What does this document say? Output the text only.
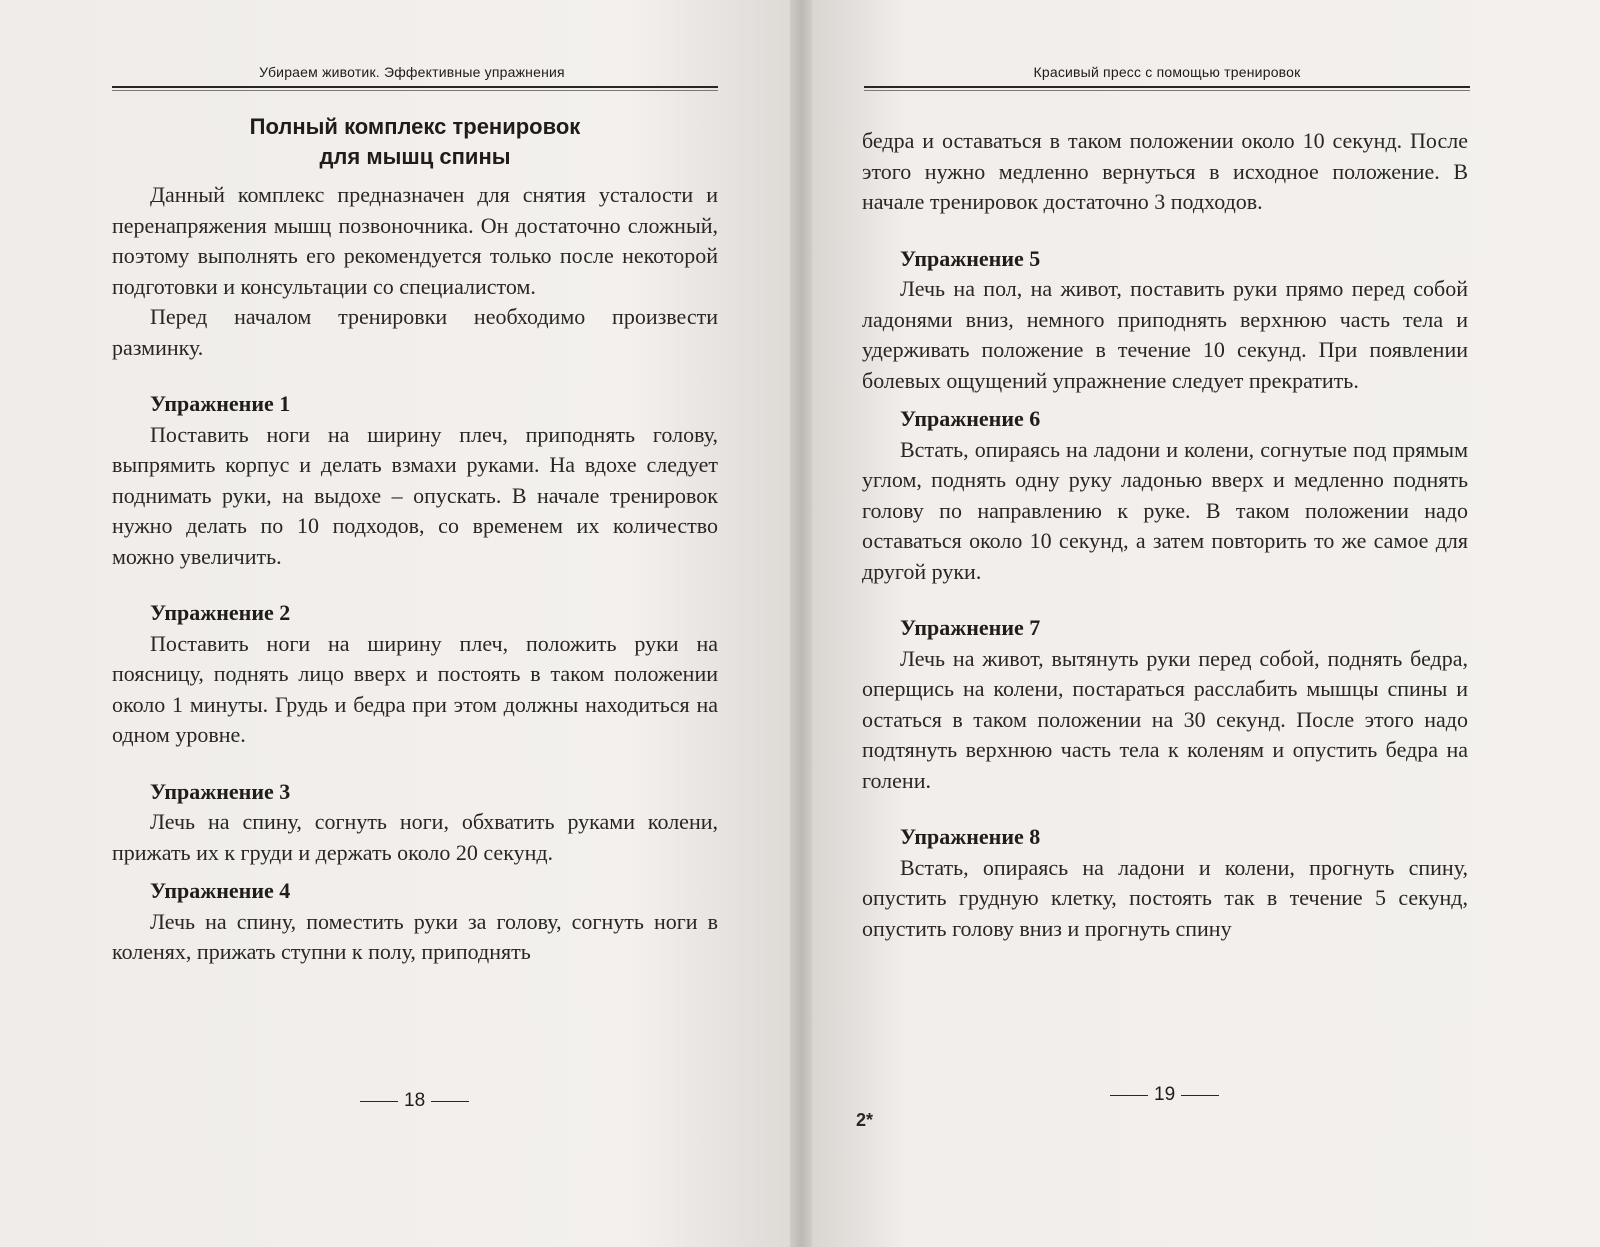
Убираем животик. Эффективные упражнения
Полный комплекс тренировок
для мышц спины

Данный комплекс предназначен для снятия усталости и перенапряжения мышц позвоночника. Он достаточно сложный, поэтому выполнять его рекомендуется только после некоторой подготовки и консультации со специалистом.

Перед началом тренировки необходимо произвести разминку.

Упражнение 1

Поставить ноги на ширину плеч, приподнять голову, выпрямить корпус и делать взмахи руками. На вдохе следует поднимать руки, на выдохе – опускать. В начале тренировок нужно делать по 10 подходов, со временем их количество можно увеличить.

Упражнение 2

Поставить ноги на ширину плеч, положить руки на поясницу, поднять лицо вверх и постоять в таком положении около 1 минуты. Грудь и бедра при этом должны находиться на одном уровне.

Упражнение 3

Лечь на спину, согнуть ноги, обхватить руками колени, прижать их к груди и держать около 20 секунд.

Упражнение 4

Лечь на спину, поместить руки за голову, согнуть ноги в коленях, прижать ступни к полу, приподнять

18
Красивый пресс с помощью тренировок

бедра и оставаться в таком положении около 10 секунд. После этого нужно медленно вернуться в исходное положение. В начале тренировок достаточно 3 подходов.

Упражнение 5

Лечь на пол, на живот, поставить руки прямо перед собой ладонями вниз, немного приподнять верхнюю часть тела и удерживать положение в течение 10 секунд. При появлении болевых ощущений упражнение следует прекратить.

Упражнение 6

Встать, опираясь на ладони и колени, согнутые под прямым углом, поднять одну руку ладонью вверх и медленно поднять голову по направлению к руке. В таком положении надо оставаться около 10 секунд, а затем повторить то же самое для другой руки.

Упражнение 7

Лечь на живот, вытянуть руки перед собой, поднять бедра, оперщись на колени, постараться расслабить мышцы спины и остаться в таком положении на 30 секунд. После этого надо подтянуть верхнюю часть тела к коленям и опустить бедра на голени.

Упражнение 8

Встать, опираясь на ладони и колени, прогнуть спину, опустить грудную клетку, постоять так в течение 5 секунд, опустить голову вниз и прогнуть спину

2*
19
